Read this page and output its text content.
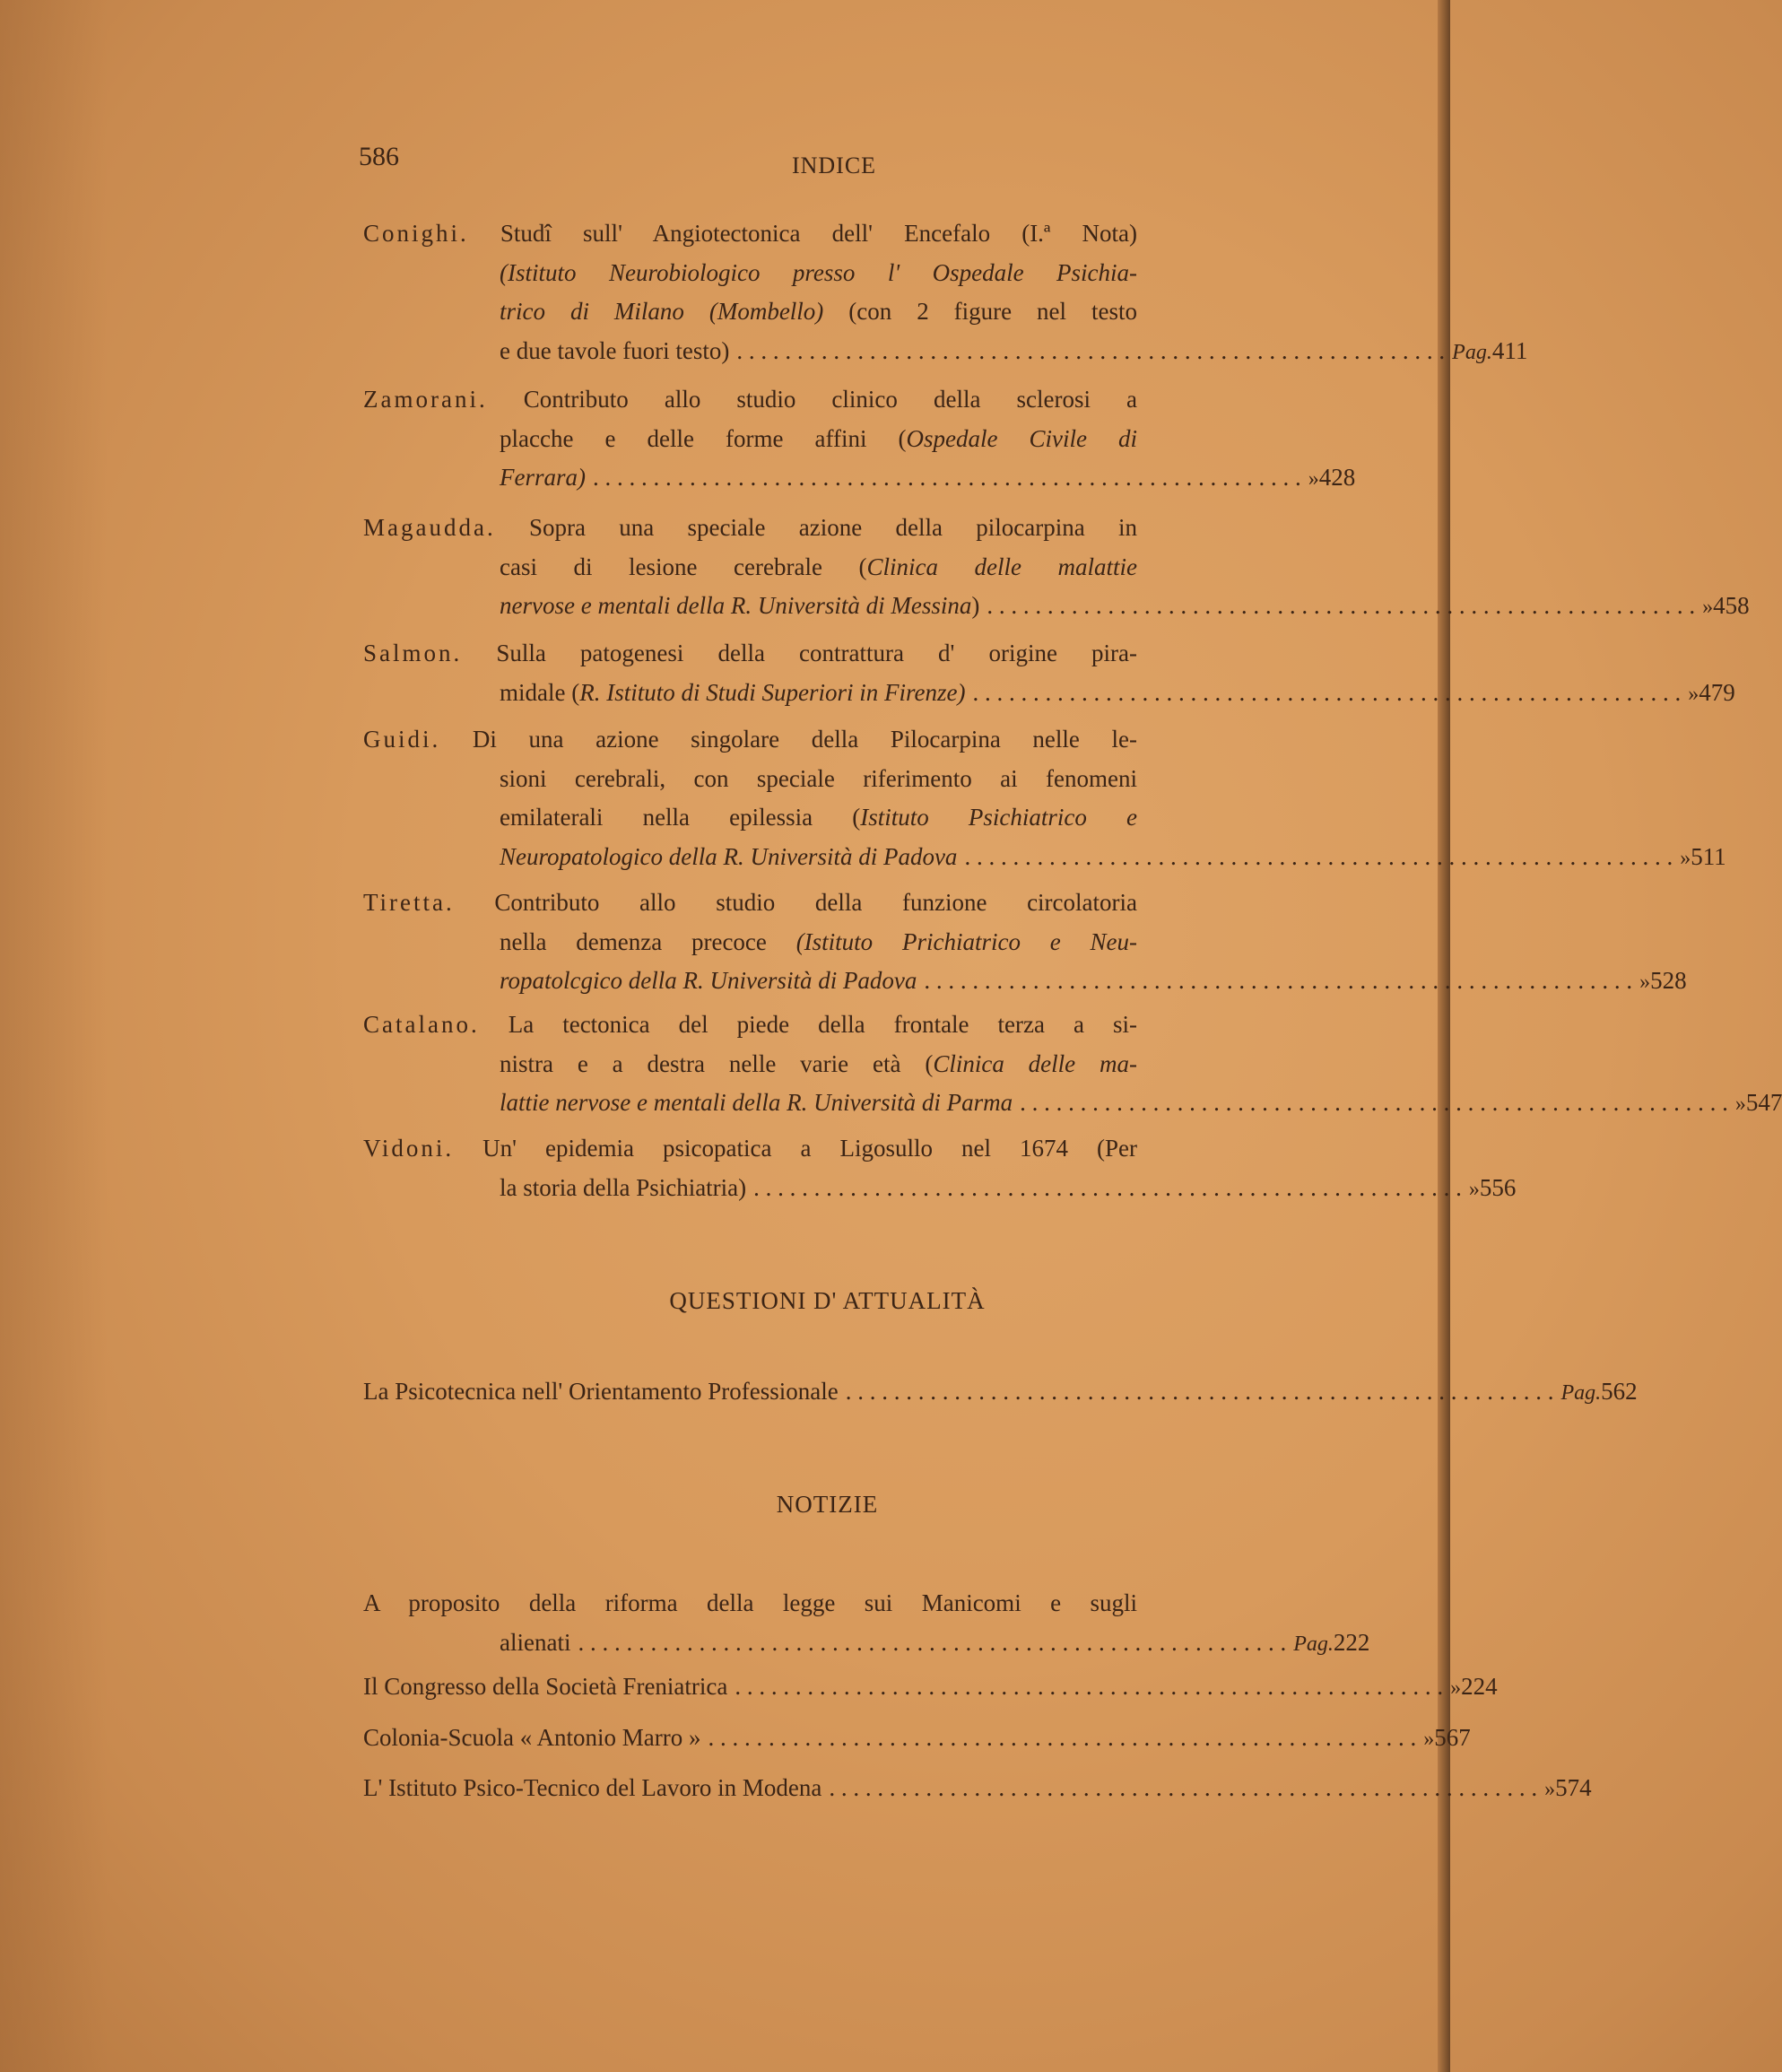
586	INDICE
Conighi. Studî sull' Angiotectonica dell' Encefalo (I.ª Nota)
(Istituto Neurobiologico presso l' Ospedale Psichia-
trico di Milano (Mombello) (con 2 figure nel testo
e due tavole fuori testo) . . . . . . . . . . . . . . . . . . . . . . . . . . . . . . . . . . . . . . . . . . . . . . . . . . . . . . . . . . . Pag. 411
Zamorani. Contributo allo studio clinico della sclerosi a
placche e delle forme affini (Ospedale Civile di
Ferrara) . . . . . . . . . . . . . . . . . . . . . . . . . . . . . . . . . . . . . . . . . . . . . . . . . . . . . . . . . . . » 428
Magaudda. Sopra una speciale azione della pilocarpina in
casi di lesione cerebrale (Clinica delle malattie
nervose e mentali della R. Università di Messina) . . . . . . . . . . . . . . . . . . . . . . . . . . . . . . . . . . . . . . . . . . . . . . . . . . . . . . . . . . . » 458
Salmon. Sulla patogenesi della contrattura d' origine pira-
midale (R. Istituto di Studi Superiori in Firenze) . . . . . . . . . . . . . . . . . . . . . . . . . . . . . . . . . . . . . . . . . . . . . . . . . . . . . . . . . . . » 479
Guidi. Di una azione singolare della Pilocarpina nelle le-
sioni cerebrali, con speciale riferimento ai fenomeni
emilaterali nella epilessia (Istituto Psichiatrico e
Neuropatologico della R. Università di Padova . . . . . . . . . . . . . . . . . . . . . . . . . . . . . . . . . . . . . . . . . . . . . . . . . . . . . . . . . . . » 511
Tiretta. Contributo allo studio della funzione circolatoria
nella demenza precoce (Istituto Prichiatrico e Neu-
ropatolcgico della R. Università di Padova . . . . . . . . . . . . . . . . . . . . . . . . . . . . . . . . . . . . . . . . . . . . . . . . . . . . . . . . . . . » 528
Catalano. La tectonica del piede della frontale terza a si-
nistra e a destra nelle varie età (Clinica delle ma-
lattie nervose e mentali della R. Università di Parma . . . . . . . . . . . . . . . . . . . . . . . . . . . . . . . . . . . . . . . . . . . . . . . . . . . . . . . . . . . » 547
Vidoni. Un' epidemia psicopatica a Ligosullo nel 1674 (Per
la storia della Psichiatria) . . . . . . . . . . . . . . . . . . . . . . . . . . . . . . . . . . . . . . . . . . . . . . . . . . . . . . . . . . . » 556
QUESTIONI D' ATTUALITÀ
La Psicotecnica nell' Orientamento Professionale . . . . . . . . . . . . . . . . . . . . . . . . . . . . . . . . . . . . . . . . . . . . . . . . . . . . . . . . . . . Pag. 562
NOTIZIE
A proposito della riforma della legge sui Manicomi e sugli
alienati . . . . . . . . . . . . . . . . . . . . . . . . . . . . . . . . . . . . . . . . . . . . . . . . . . . . . . . . . . . Pag. 222
Il Congresso della Società Freniatrica . . . . . . . . . . . . . . . . . . . . . . . . . . . . . . . . . . . . . . . . . . . . . . . . . . . . . . . . . . . » 224
Colonia-Scuola « Antonio Marro » . . . . . . . . . . . . . . . . . . . . . . . . . . . . . . . . . . . . . . . . . . . . . . . . . . . . . . . . . . . » 567
L' Istituto Psico-Tecnico del Lavoro in Modena . . . . . . . . . . . . . . . . . . . . . . . . . . . . . . . . . . . . . . . . . . . . . . . . . . . . . . . . . . . » 574
